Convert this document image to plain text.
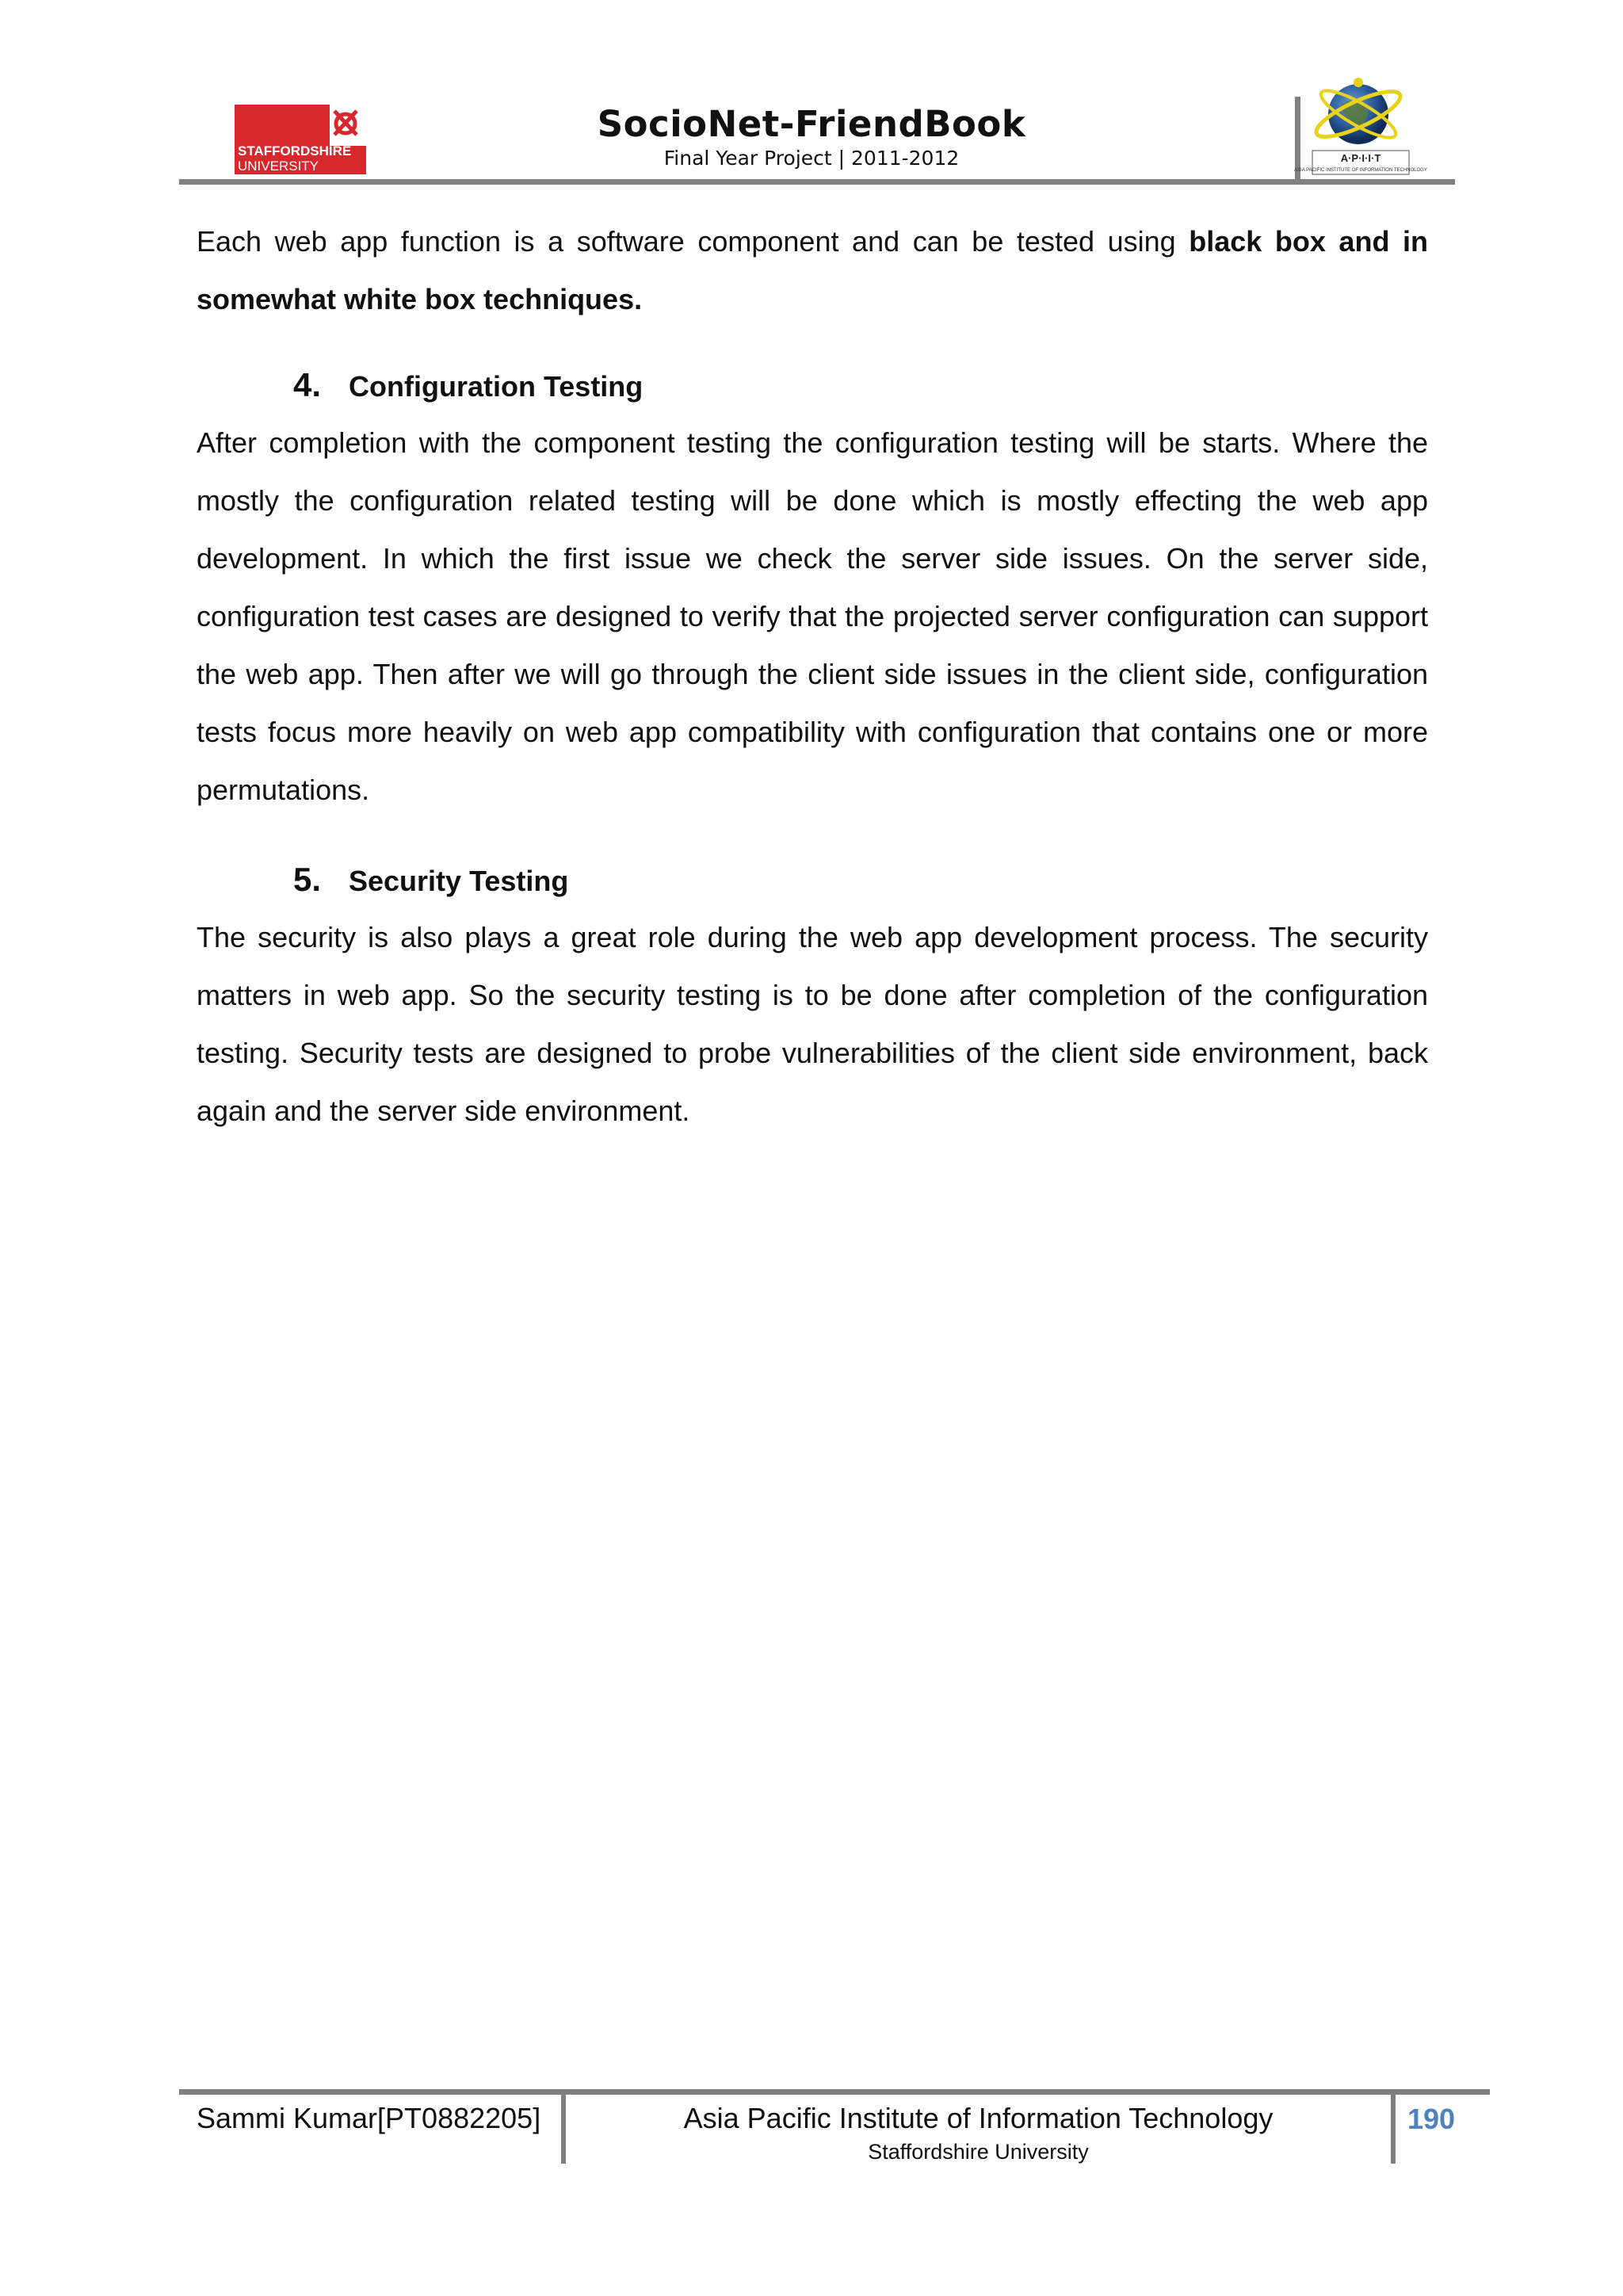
STAFFORDSHIRE
UNIVERSITY
SocioNet-FriendBook
Final Year Project | 2011-2012	A·P·I·I·T
ASIA PACIFIC INSTITUTE OF INFORMATION TECHNOLOGY

Each web app function is a software component and can be tested using black box and in somewhat white box techniques.

4. Configuration Testing

After completion with the component testing the configuration testing will be starts. Where the mostly the configuration related testing will be done which is mostly effecting the web app development. In which the first issue we check the server side issues. On the server side, configuration test cases are designed to verify that the projected server configuration can support the web app. Then after we will go through the client side issues in the client side, configuration tests focus more heavily on web app compatibility with configuration that contains one or more permutations.

5. Security Testing

The security is also plays a great role during the web app development process. The security matters in web app. So the security testing is to be done after completion of the configuration testing. Security tests are designed to probe vulnerabilities of the client side environment, back again and the server side environment.

Sammi Kumar[PT0882205]	Asia Pacific Institute of Information Technology
Staffordshire University
190
